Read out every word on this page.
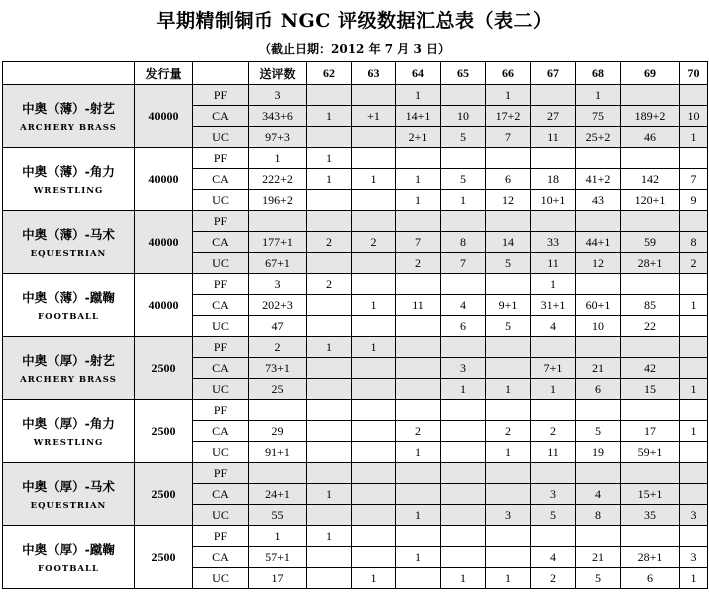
早期精制铜币 NGC 评级数据汇总表（表二）
（截止日期：2012 年 7 月 3 日）
	发行量		送评数	62	63	64	65	66	67	68	69	70

中奥（薄）-射艺
ARCHERY BRASS	40000	PF	3			1		1		1		
		CA	343+6	1	+1	14+1	10	17+2	27	75	189+2	10
		UC	97+3			2+1	5	7	11	25+2	46	1

中奥（薄）-角力
WRESTLING	40000	PF	1	1								
		CA	222+2	1	1	1	5	6	18	41+2	142	7
		UC	196+2			1	1	12	10+1	43	120+1	9

中奥（薄）-马术
EQUESTRIAN	40000	PF										
		CA	177+1	2	2	7	8	14	33	44+1	59	8
		UC	67+1			2	7	5	11	12	28+1	2

中奥（薄）-蹴鞠
FOOTBALL	40000	PF	3	2					1			
		CA	202+3		1	11	4	9+1	31+1	60+1	85	1
		UC	47				6	5	4	10	22	

中奥（厚）-射艺
ARCHERY BRASS	2500	PF	2	1	1							
		CA	73+1				3		7+1	21	42	
		UC	25				1	1	1	6	15	1

中奥（厚）-角力
WRESTLING	2500	PF										
		CA	29			2		2	2	5	17	1
		UC	91+1			1		1	11	19	59+1	

中奥（厚）-马术
EQUESTRIAN	2500	PF										
		CA	24+1	1					3	4	15+1	
		UC	55			1		3	5	8	35	3

中奥（厚）-蹴鞠
FOOTBALL	2500	PF	1	1								
		CA	57+1			1			4	21	28+1	3
		UC	17		1		1	1	2	5	6	1
